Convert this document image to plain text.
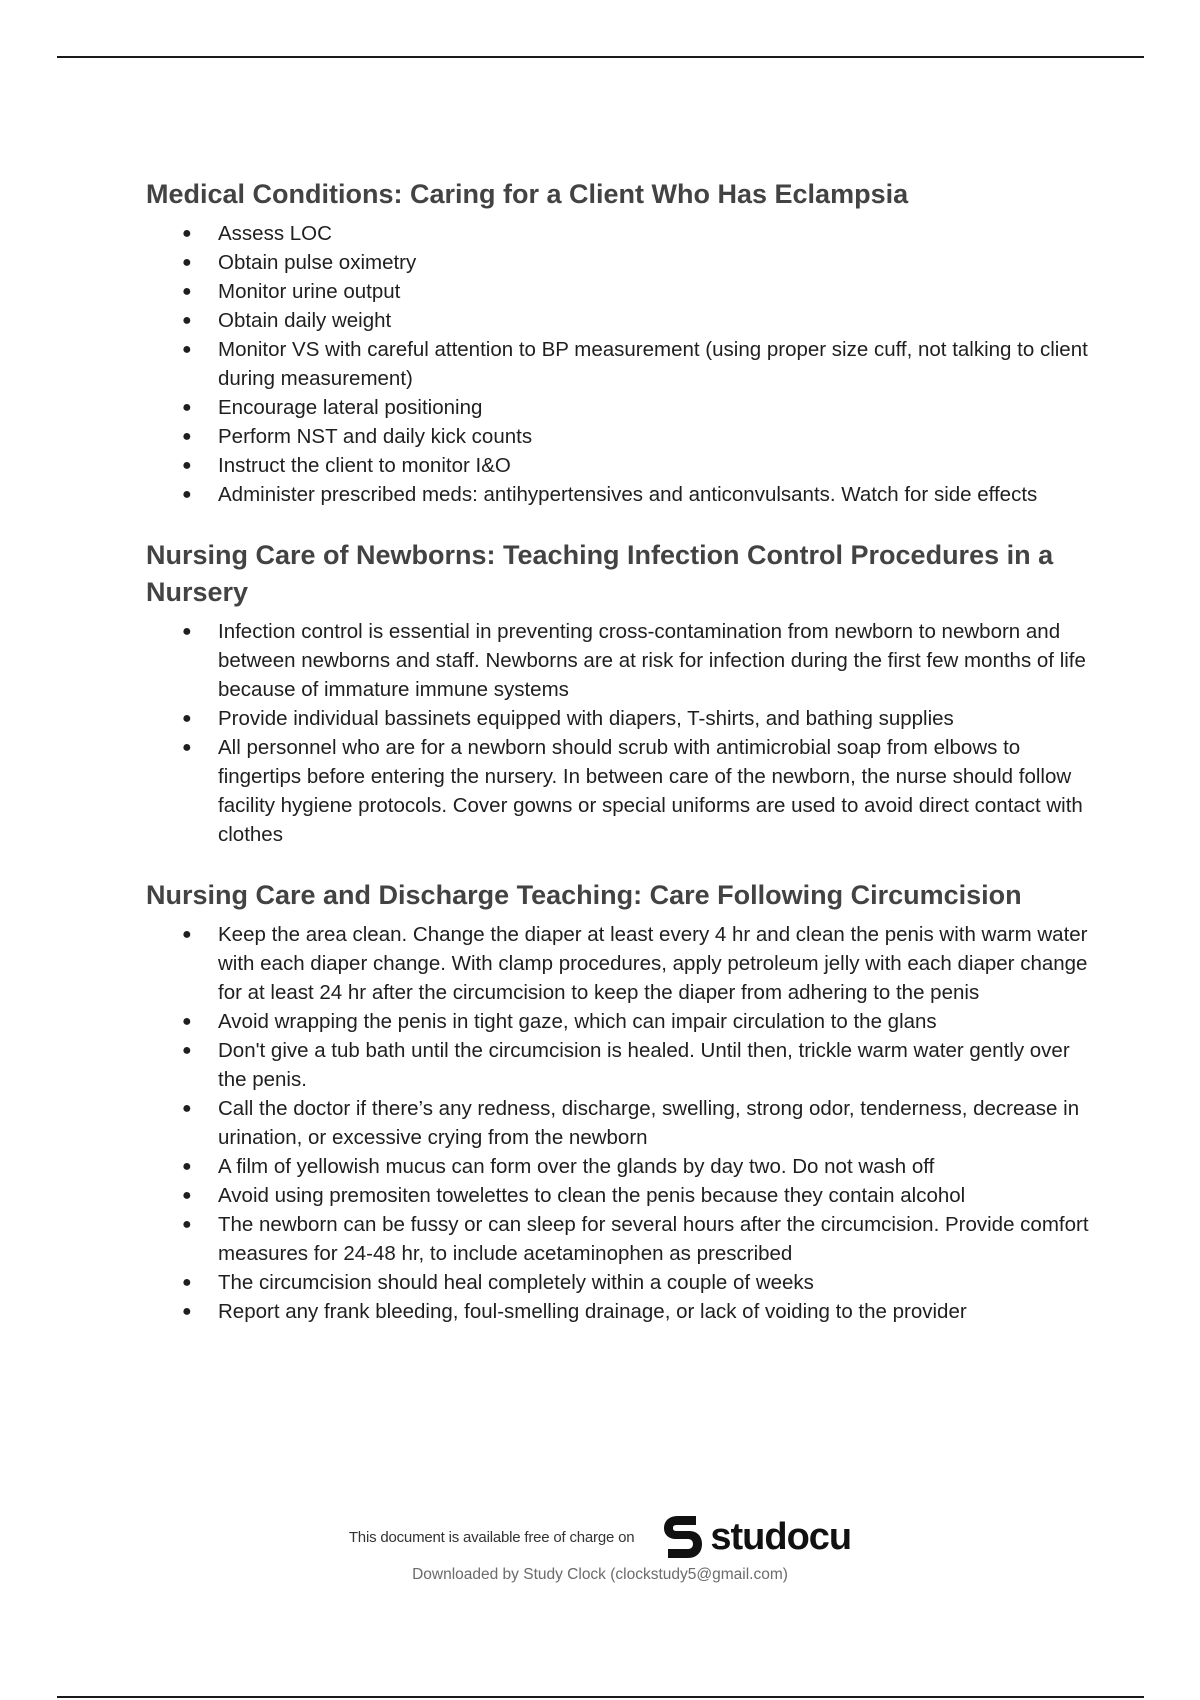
Medical Conditions: Caring for a Client Who Has Eclampsia
● Assess LOC
● Obtain pulse oximetry
● Monitor urine output
● Obtain daily weight
● Monitor VS with careful attention to BP measurement (using proper size cuff, not talking to client during measurement)
● Encourage lateral positioning
● Perform NST and daily kick counts
● Instruct the client to monitor I&O
● Administer prescribed meds: antihypertensives and anticonvulsants. Watch for side effects
Nursing Care of Newborns: Teaching Infection Control Procedures in a Nursery
● Infection control is essential in preventing cross-contamination from newborn to newborn and between newborns and staff. Newborns are at risk for infection during the first few months of life because of immature immune systems
● Provide individual bassinets equipped with diapers, T-shirts, and bathing supplies
● All personnel who are for a newborn should scrub with antimicrobial soap from elbows to fingertips before entering the nursery. In between care of the newborn, the nurse should follow facility hygiene protocols. Cover gowns or special uniforms are used to avoid direct contact with clothes
Nursing Care and Discharge Teaching: Care Following Circumcision
● Keep the area clean. Change the diaper at least every 4 hr and clean the penis with warm water with each diaper change. With clamp procedures, apply petroleum jelly with each diaper change for at least 24 hr after the circumcision to keep the diaper from adhering to the penis
● Avoid wrapping the penis in tight gaze, which can impair circulation to the glans
● Don't give a tub bath until the circumcision is healed. Until then, trickle warm water gently over the penis.
● Call the doctor if there’s any redness, discharge, swelling, strong odor, tenderness, decrease in urination, or excessive crying from the newborn
● A film of yellowish mucus can form over the glands by day two. Do not wash off
● Avoid using premositen towelettes to clean the penis because they contain alcohol
● The newborn can be fussy or can sleep for several hours after the circumcision. Provide comfort measures for 24-48 hr, to include acetaminophen as prescribed
● The circumcision should heal completely within a couple of weeks
● Report any frank bleeding, foul-smelling drainage, or lack of voiding to the provider
This document is available free of charge on studocu
Downloaded by Study Clock (clockstudy5@gmail.com)
